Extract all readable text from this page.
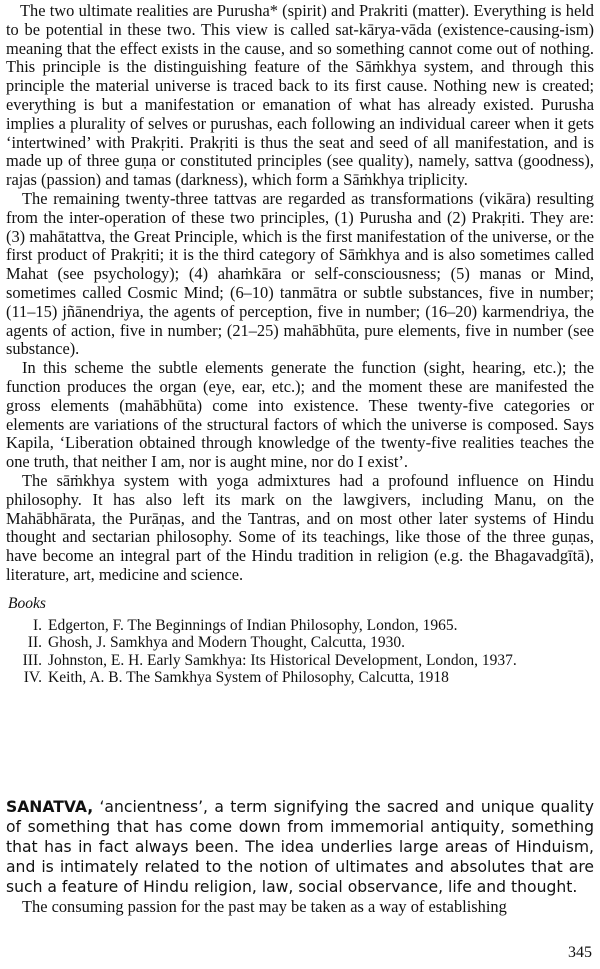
The two ultimate realities are Purusha* (spirit) and Prakriti (matter). Everything is held to be potential in these two. This view is called sat-kārya-vāda (existence-causing-ism) meaning that the effect exists in the cause, and so something cannot come out of nothing. This principle is the distinguishing feature of the Sāṁkhya system, and through this principle the material universe is traced back to its first cause. Nothing new is created; everything is but a manifestation or emanation of what has already existed. Purusha implies a plurality of selves or purushas, each following an individual career when it gets ‘intertwined’ with Prakṛiti. Prakṛiti is thus the seat and seed of all manifestation, and is made up of three guṇa or constituted principles (see quality), namely, sattva (goodness), rajas (passion) and tamas (darkness), which form a Sāṁkhya triplicity.

The remaining twenty-three tattvas are regarded as transformations (vikāra) resulting from the inter-operation of these two principles, (1) Purusha and (2) Prakṛiti. They are: (3) mahātattva, the Great Principle, which is the first manifestation of the universe, or the first product of Prakṛiti; it is the third category of Sāṁkhya and is also sometimes called Mahat (see psychology); (4) ahaṁkāra or self-consciousness; (5) manas or Mind, sometimes called Cosmic Mind; (6–10) tanmātra or subtle substances, five in number; (11–15) jñānendriya, the agents of perception, five in number; (16–20) karmendriya, the agents of action, five in number; (21–25) mahābhūta, pure elements, five in number (see substance).

In this scheme the subtle elements generate the function (sight, hearing, etc.); the function produces the organ (eye, ear, etc.); and the moment these are manifested the gross elements (mahābhūta) come into existence. These twenty-five categories or elements are variations of the structural factors of which the universe is composed. Says Kapila, ‘Liberation obtained through knowledge of the twenty-five realities teaches the one truth, that neither I am, nor is aught mine, nor do I exist’.

The sāṁkhya system with yoga admixtures had a profound influence on Hindu philosophy. It has also left its mark on the lawgivers, including Manu, on the Mahābhārata, the Purāṇas, and the Tantras, and on most other later systems of Hindu thought and sectarian philosophy. Some of its teachings, like those of the three guṇas, have become an integral part of the Hindu tradition in religion (e.g. the Bhagavadgītā), literature, art, medicine and science.

Books
I. Edgerton, F. The Beginnings of Indian Philosophy, London, 1965.
II. Ghosh, J. Samkhya and Modern Thought, Calcutta, 1930.
III. Johnston, E. H. Early Samkhya: Its Historical Development, London, 1937.
IV. Keith, A. B. The Samkhya System of Philosophy, Calcutta, 1918

SANATVA, ‘ancientness’, a term signifying the sacred and unique quality of something that has come down from immemorial antiquity, something that has in fact always been. The idea underlies large areas of Hinduism, and is intimately related to the notion of ultimates and absolutes that are such a feature of Hindu religion, law, social observance, life and thought.

The consuming passion for the past may be taken as a way of establishing

345
